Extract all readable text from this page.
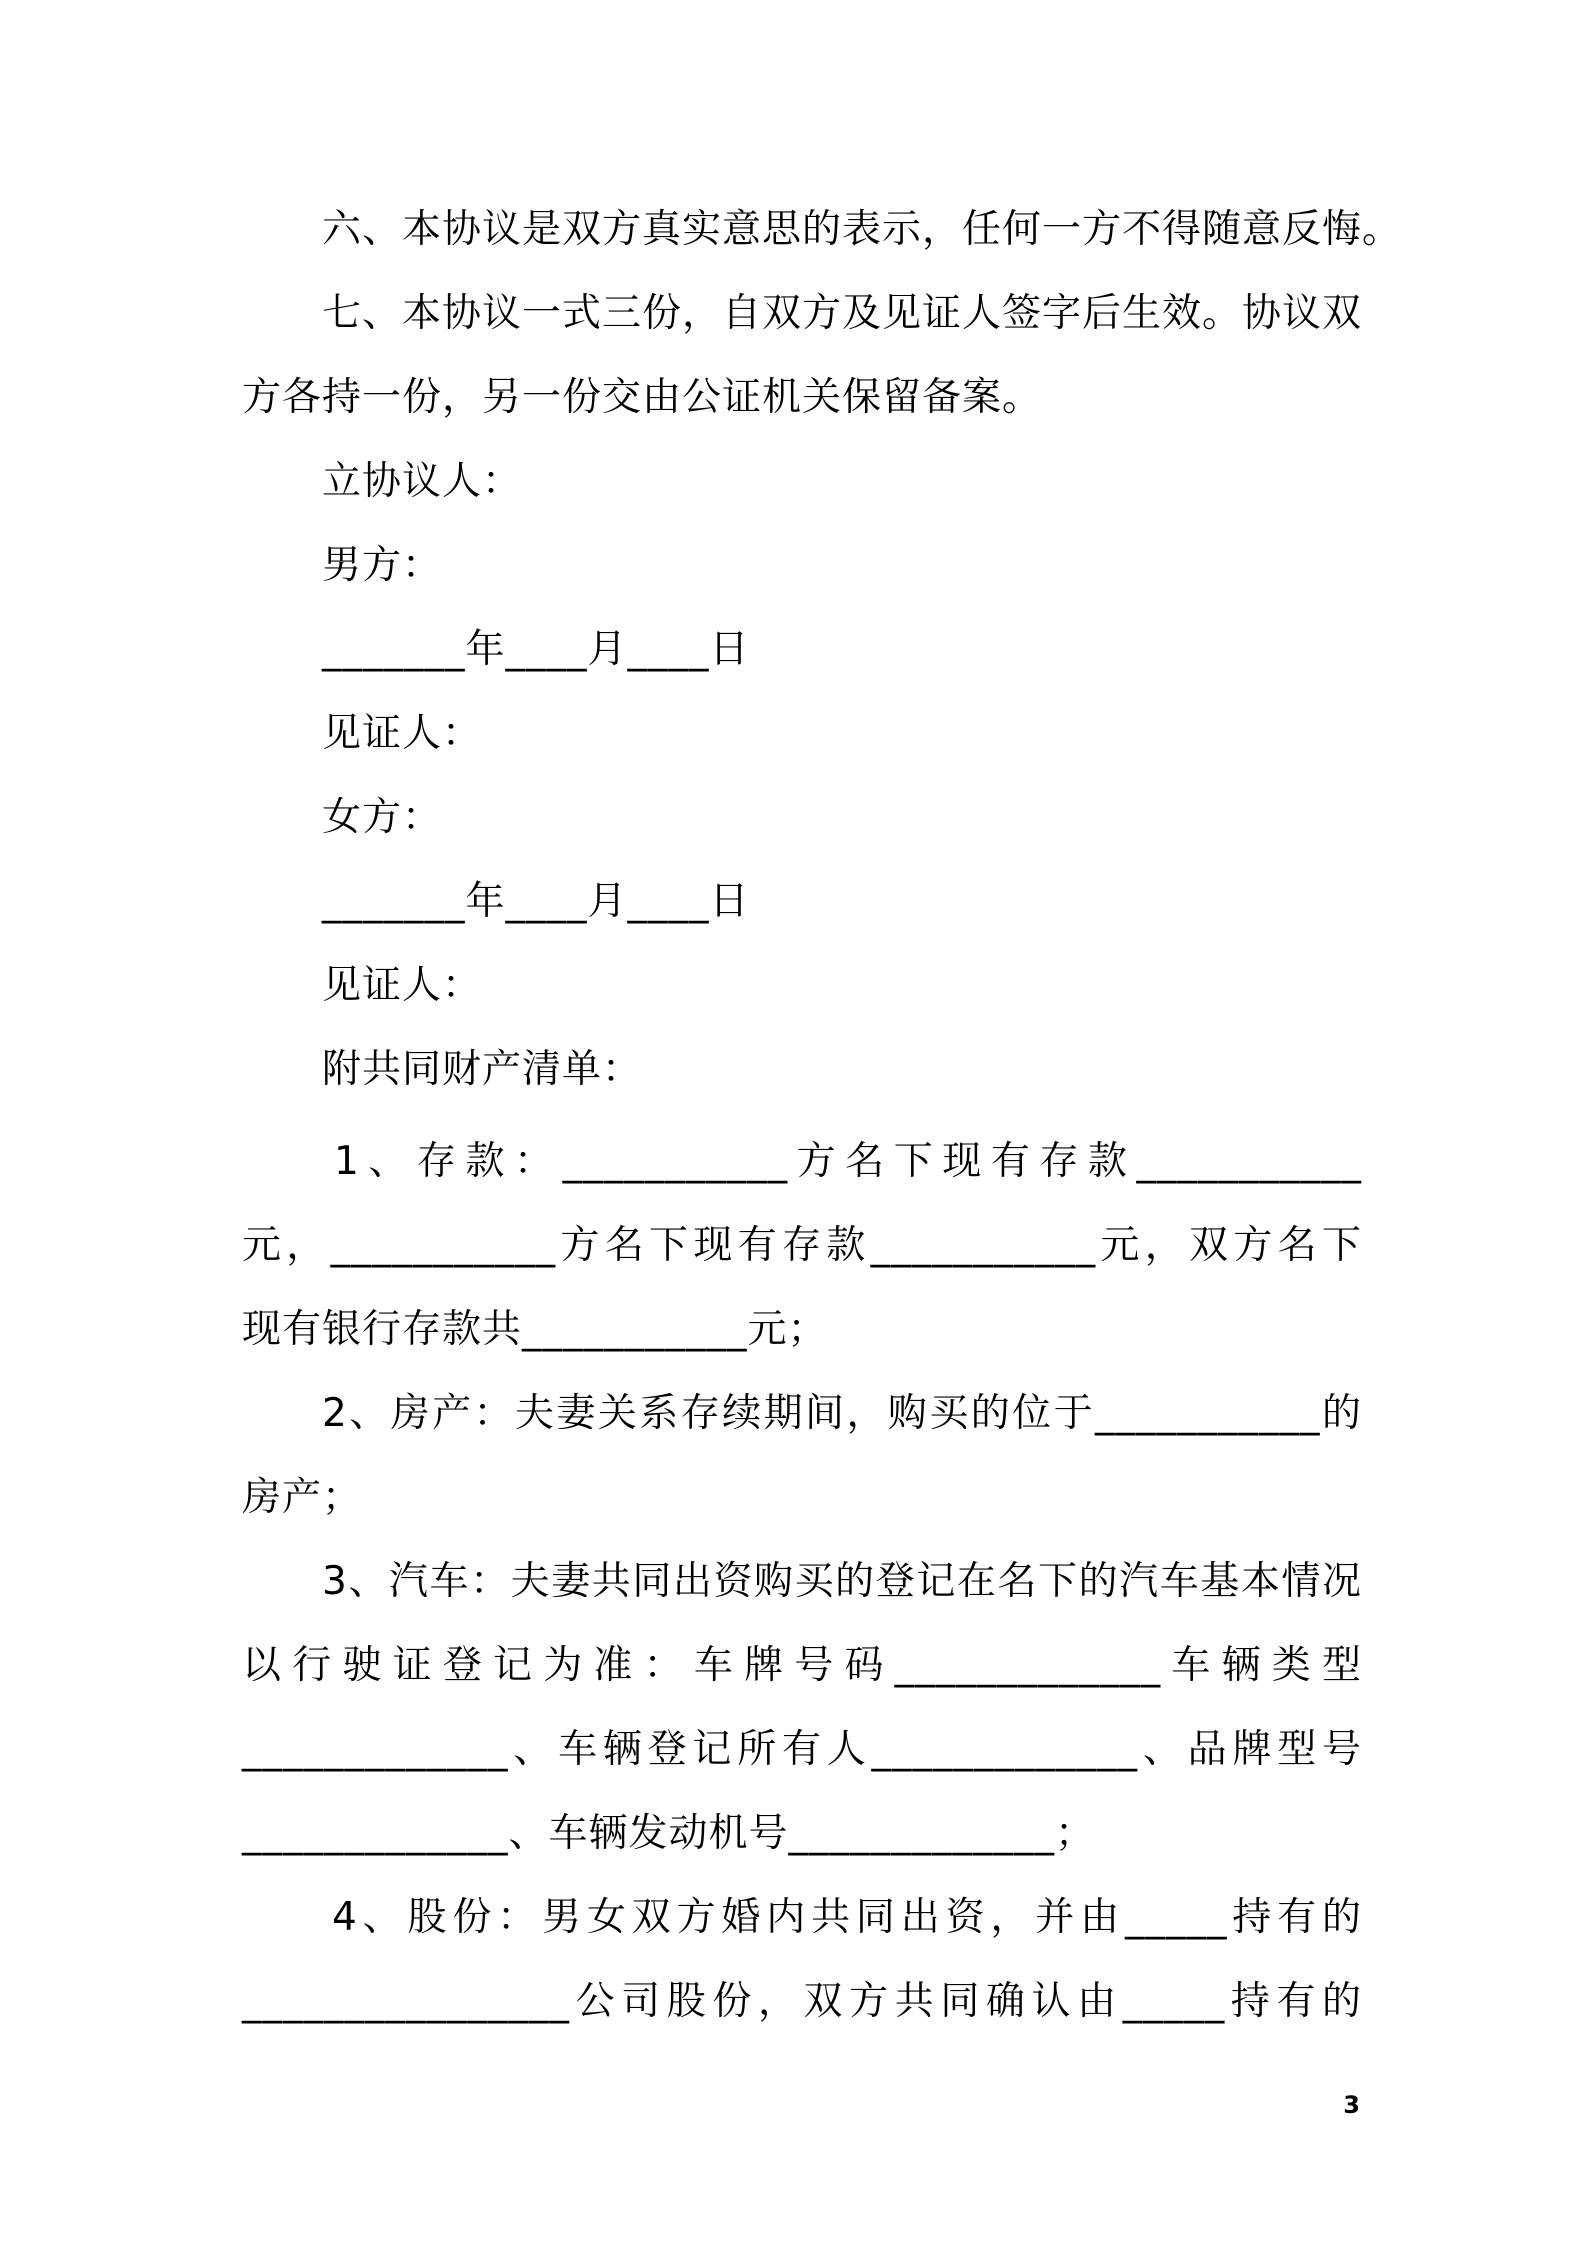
六、本协议是双方真实意思的表示，任何一方不得随意反悔。
七、本协议一式三份，自双方及见证人签字后生效。协议双
方各持一份，另一份交由公证机关保留备案。
立协议人：
男方：
_______年____月____日
见证人：
女方：
_______年____月____日
见证人：
附共同财产清单：
1、存款：___________方名下现有存款___________
元，___________方名下现有存款___________元，双方名下
现有银行存款共___________元；
2、房产：夫妻关系存续期间，购买的位于___________的
房产；
3、汽车：夫妻共同出资购买的登记在名下的汽车基本情况
以行驶证登记为准：车牌号码_____________车辆类型
_____________、车辆登记所有人_____________、品牌型号
_____________、车辆发动机号_____________；
4、股份：男女双方婚内共同出资，并由_____持有的
________________公司股份，双方共同确认由_____持有的
3
